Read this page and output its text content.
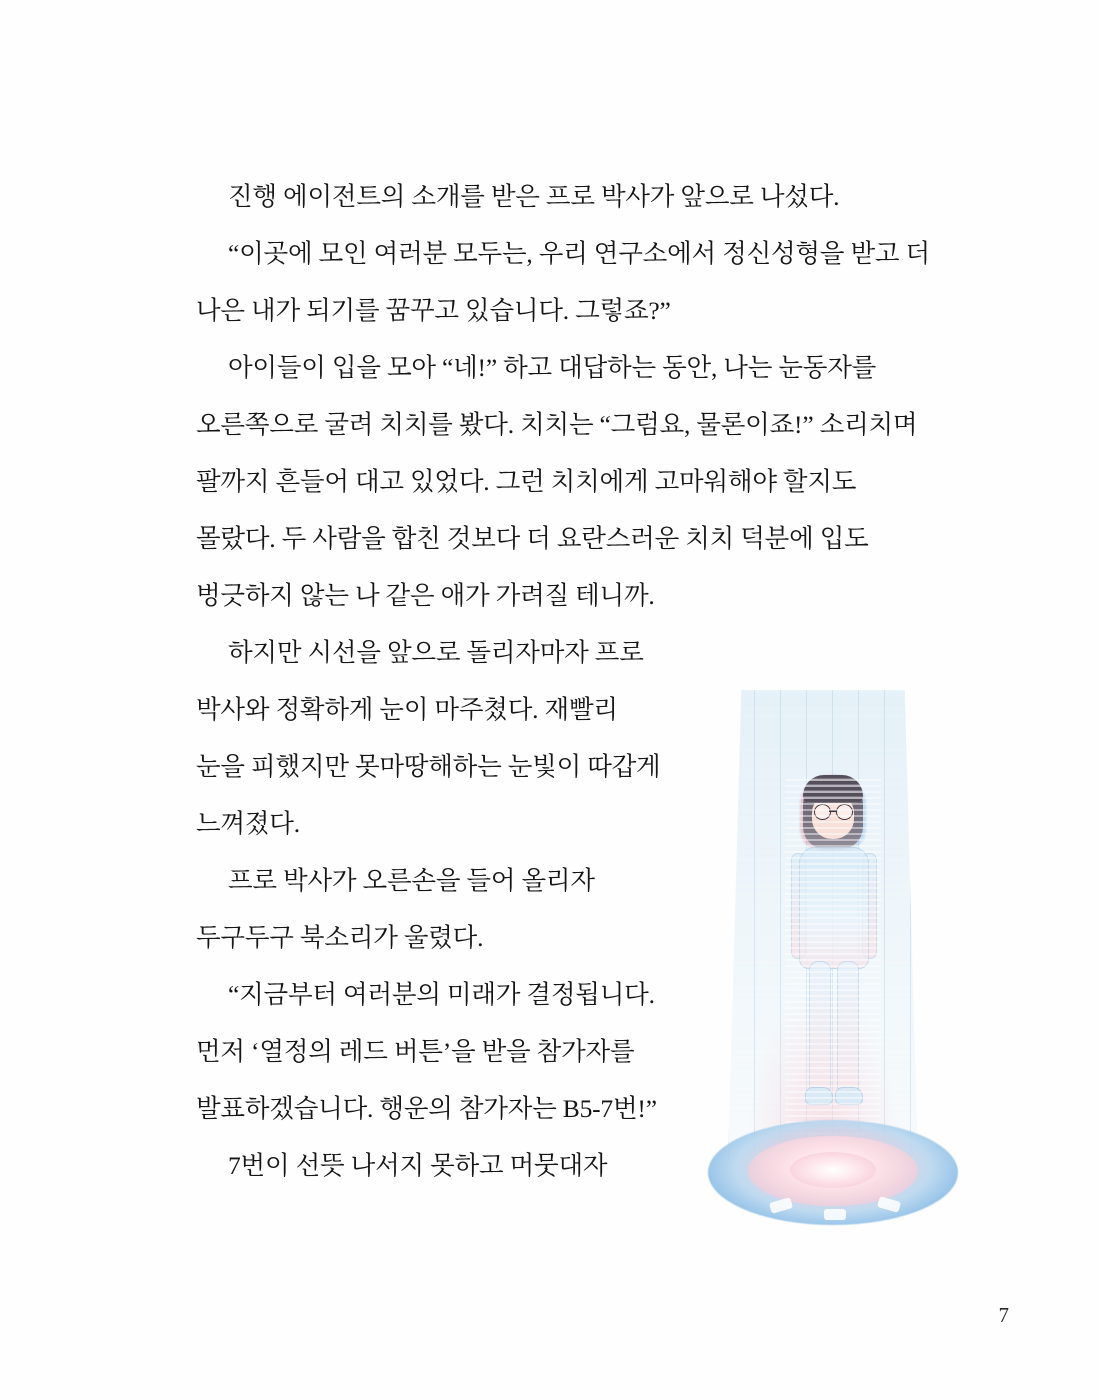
진행 에이전트의 소개를 받은 프로 박사가 앞으로 나섰다.

“이곳에 모인 여러분 모두는, 우리 연구소에서 정신성형을 받고 더 나은 내가 되기를 꿈꾸고 있습니다. 그렇죠?”

아이들이 입을 모아 “네!” 하고 대답하는 동안, 나는 눈동자를 오른쪽으로 굴려 치치를 봤다. 치치는 “그럼요, 물론이죠!” 소리치며 팔까지 흔들어 대고 있었다. 그런 치치에게 고마워해야 할지도 몰랐다. 두 사람을 합친 것보다 더 요란스러운 치치 덕분에 입도 벙긋하지 않는 나 같은 애가 가려질 테니까.

하지만 시선을 앞으로 돌리자마자 프로 박사와 정확하게 눈이 마주쳤다. 재빨리 눈을 피했지만 못마땅해하는 눈빛이 따갑게 느껴졌다.

프로 박사가 오른손을 들어 올리자 두구두구 북소리가 울렸다.

“지금부터 여러분의 미래가 결정됩니다. 먼저 ‘열정의 레드 버튼’을 받을 참가자를 발표하겠습니다. 행운의 참가자는 B5-7번!”

7번이 선뜻 나서지 못하고 머뭇대자

7
